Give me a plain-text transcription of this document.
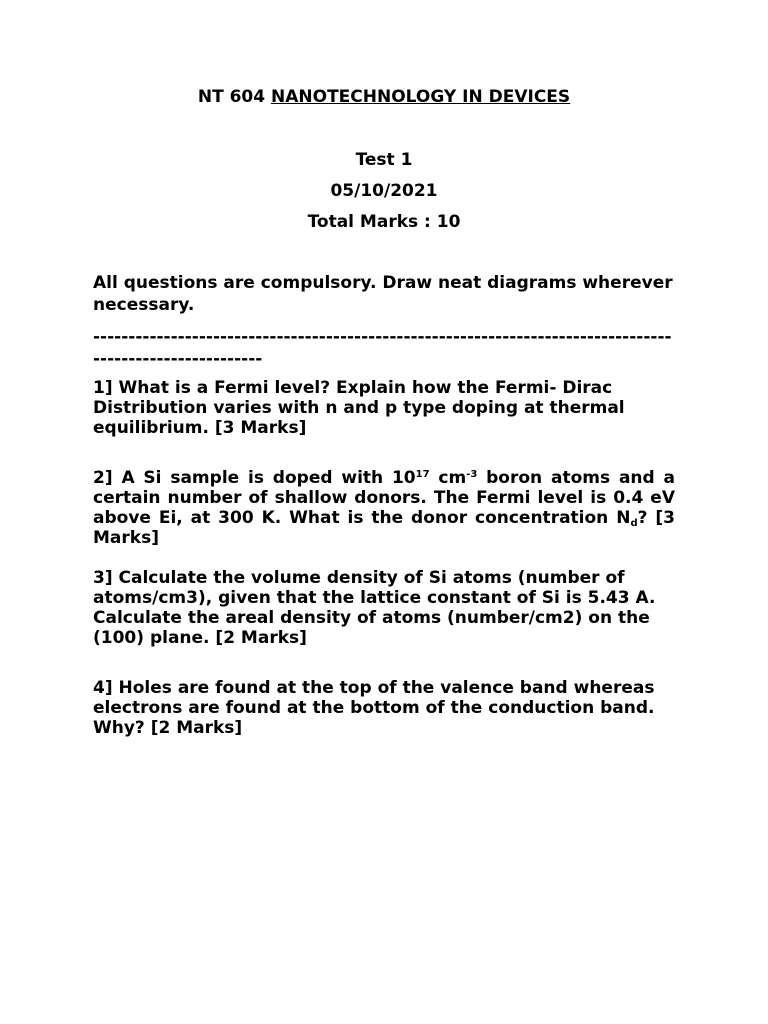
NT 604 NANOTECHNOLOGY IN DEVICES
Test 1
05/10/2021
Total Marks : 10
All questions are compulsory. Draw neat diagrams wherever necessary.
----------------------------------------------------------------------------------------------------------
1] What is a Fermi level? Explain how the Fermi- Dirac Distribution varies with n and p type doping at thermal equilibrium. [3 Marks]
2] A Si sample is doped with $10^{17}$ $cm^{-3}$ boron atoms and a certain number of shallow donors. The Fermi level is 0.4 eV above Ei, at 300 K. What is the donor concentration $N_d$? [3 Marks]
3] Calculate the volume density of Si atoms (number of atoms/cm3), given that the lattice constant of Si is 5.43 A. Calculate the areal density of atoms (number/cm2) on the (100) plane. [2 Marks]
4] Holes are found at the top of the valence band whereas electrons are found at the bottom of the conduction band. Why? [2 Marks]
